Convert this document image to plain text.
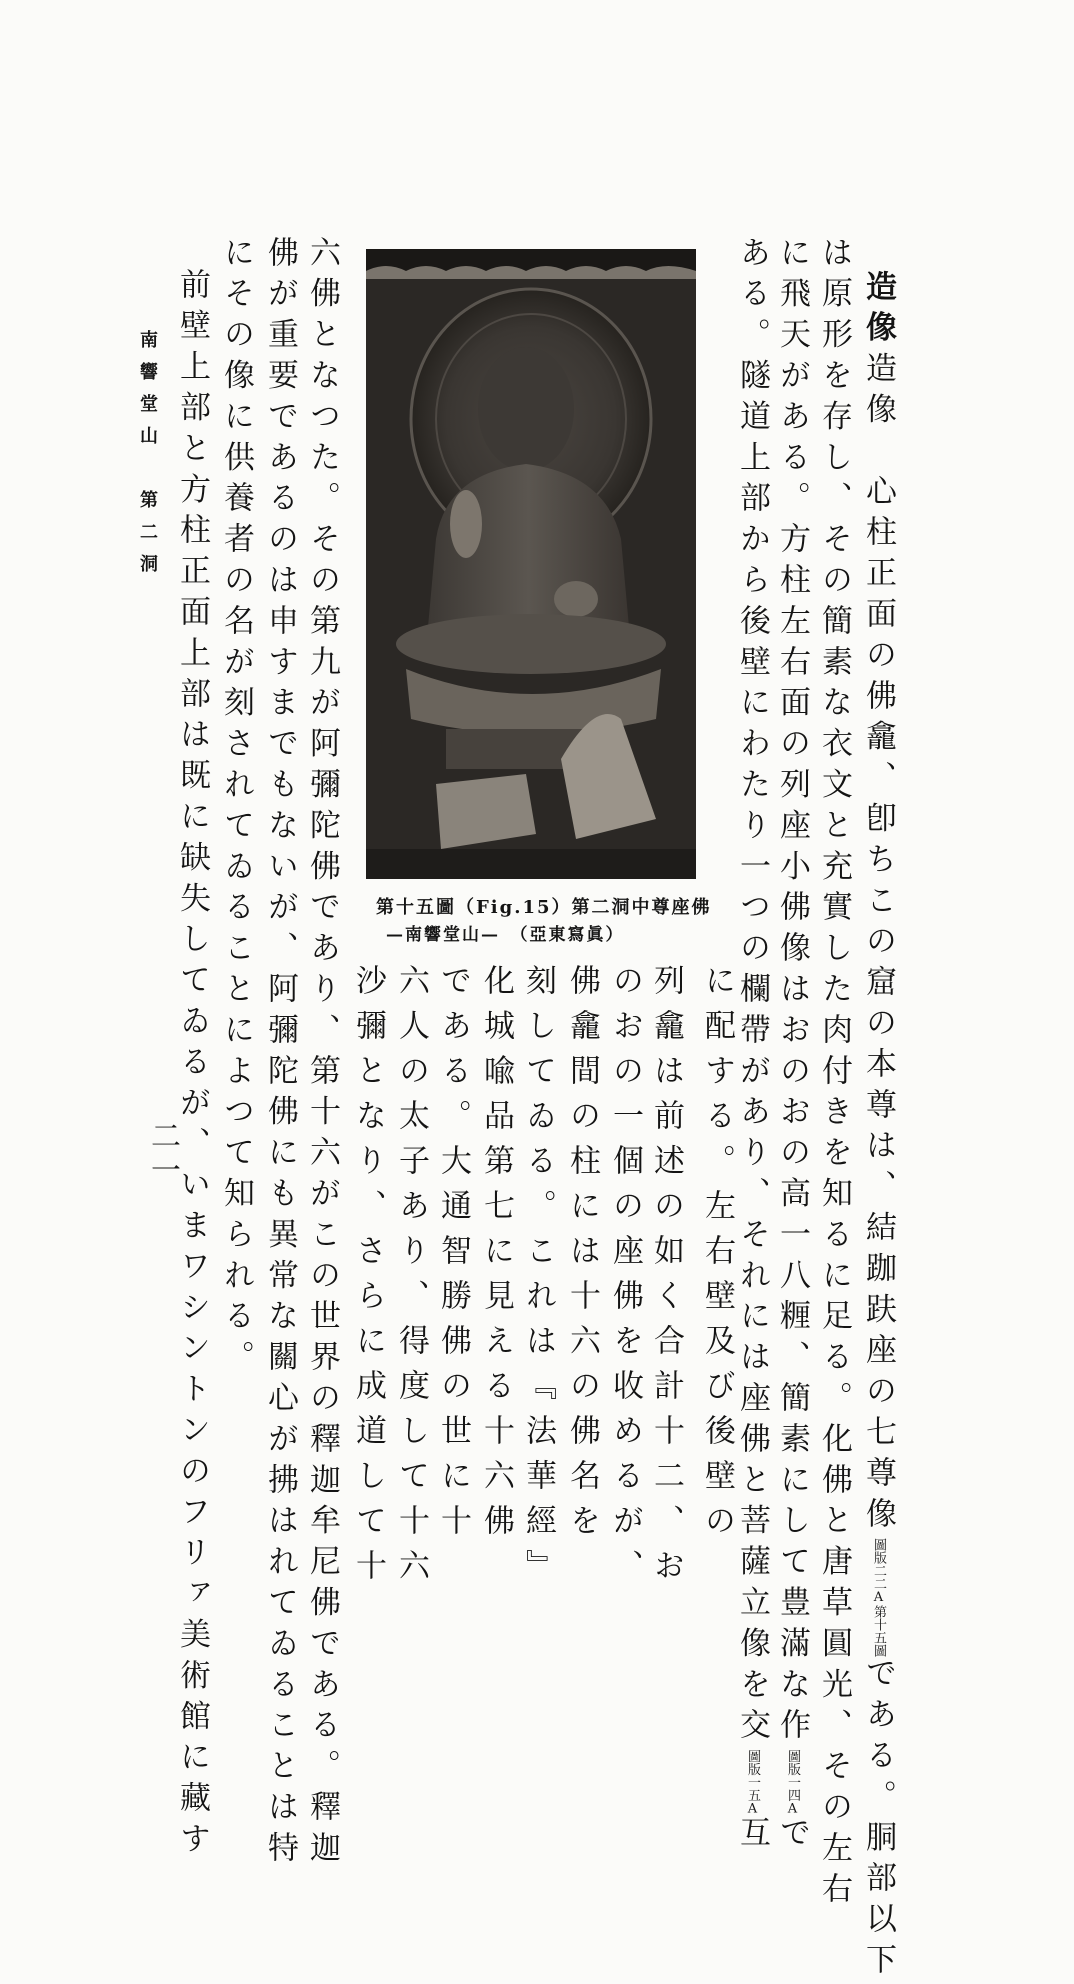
造像造像　心柱正面の佛龕、卽ちこの窟の本尊は、結跏趺座の七尊像圖版二二A第十五圖である。胴部以下
は原形を存し、その簡素な衣文と充實した肉付きを知るに足る。化佛と唐草圓光、その左右
に飛天がある。方柱左右面の列座小佛像はおのおの高一八糎、簡素にして豊滿な作圖版一四Aで
ある。隧道上部から後壁にわたり一つの欄帶があり、それには座佛と菩薩立像を交圖版一五A互
第十五圖（Fig.15）第二洞中尊座佛
—南響堂山—　（亞東寫眞）
に配する。左右壁及び後壁の
列龕は前述の如く合計十二、お
のおの一個の座佛を收めるが、
佛龕間の柱には十六の佛名を
刻してゐる。これは『法華經』
化城喩品第七に見える十六佛
である。大通智勝佛の世に十
六人の太子あり、得度して十六
沙彌となり、さらに成道して十
六佛となつた。その第九が阿彌陀佛であり、第十六がこの世界の釋迦牟尼佛である。釋迦
佛が重要であるのは申すまでもないが、阿彌陀佛にも異常な關心が拂はれてゐることは特
にその像に供養者の名が刻されてゐることによつて知られる。
前壁上部と方柱正面上部は既に缺失してゐるが、いまワシントンのフリァ美術館に藏す
南響堂山　第二洞
二一
